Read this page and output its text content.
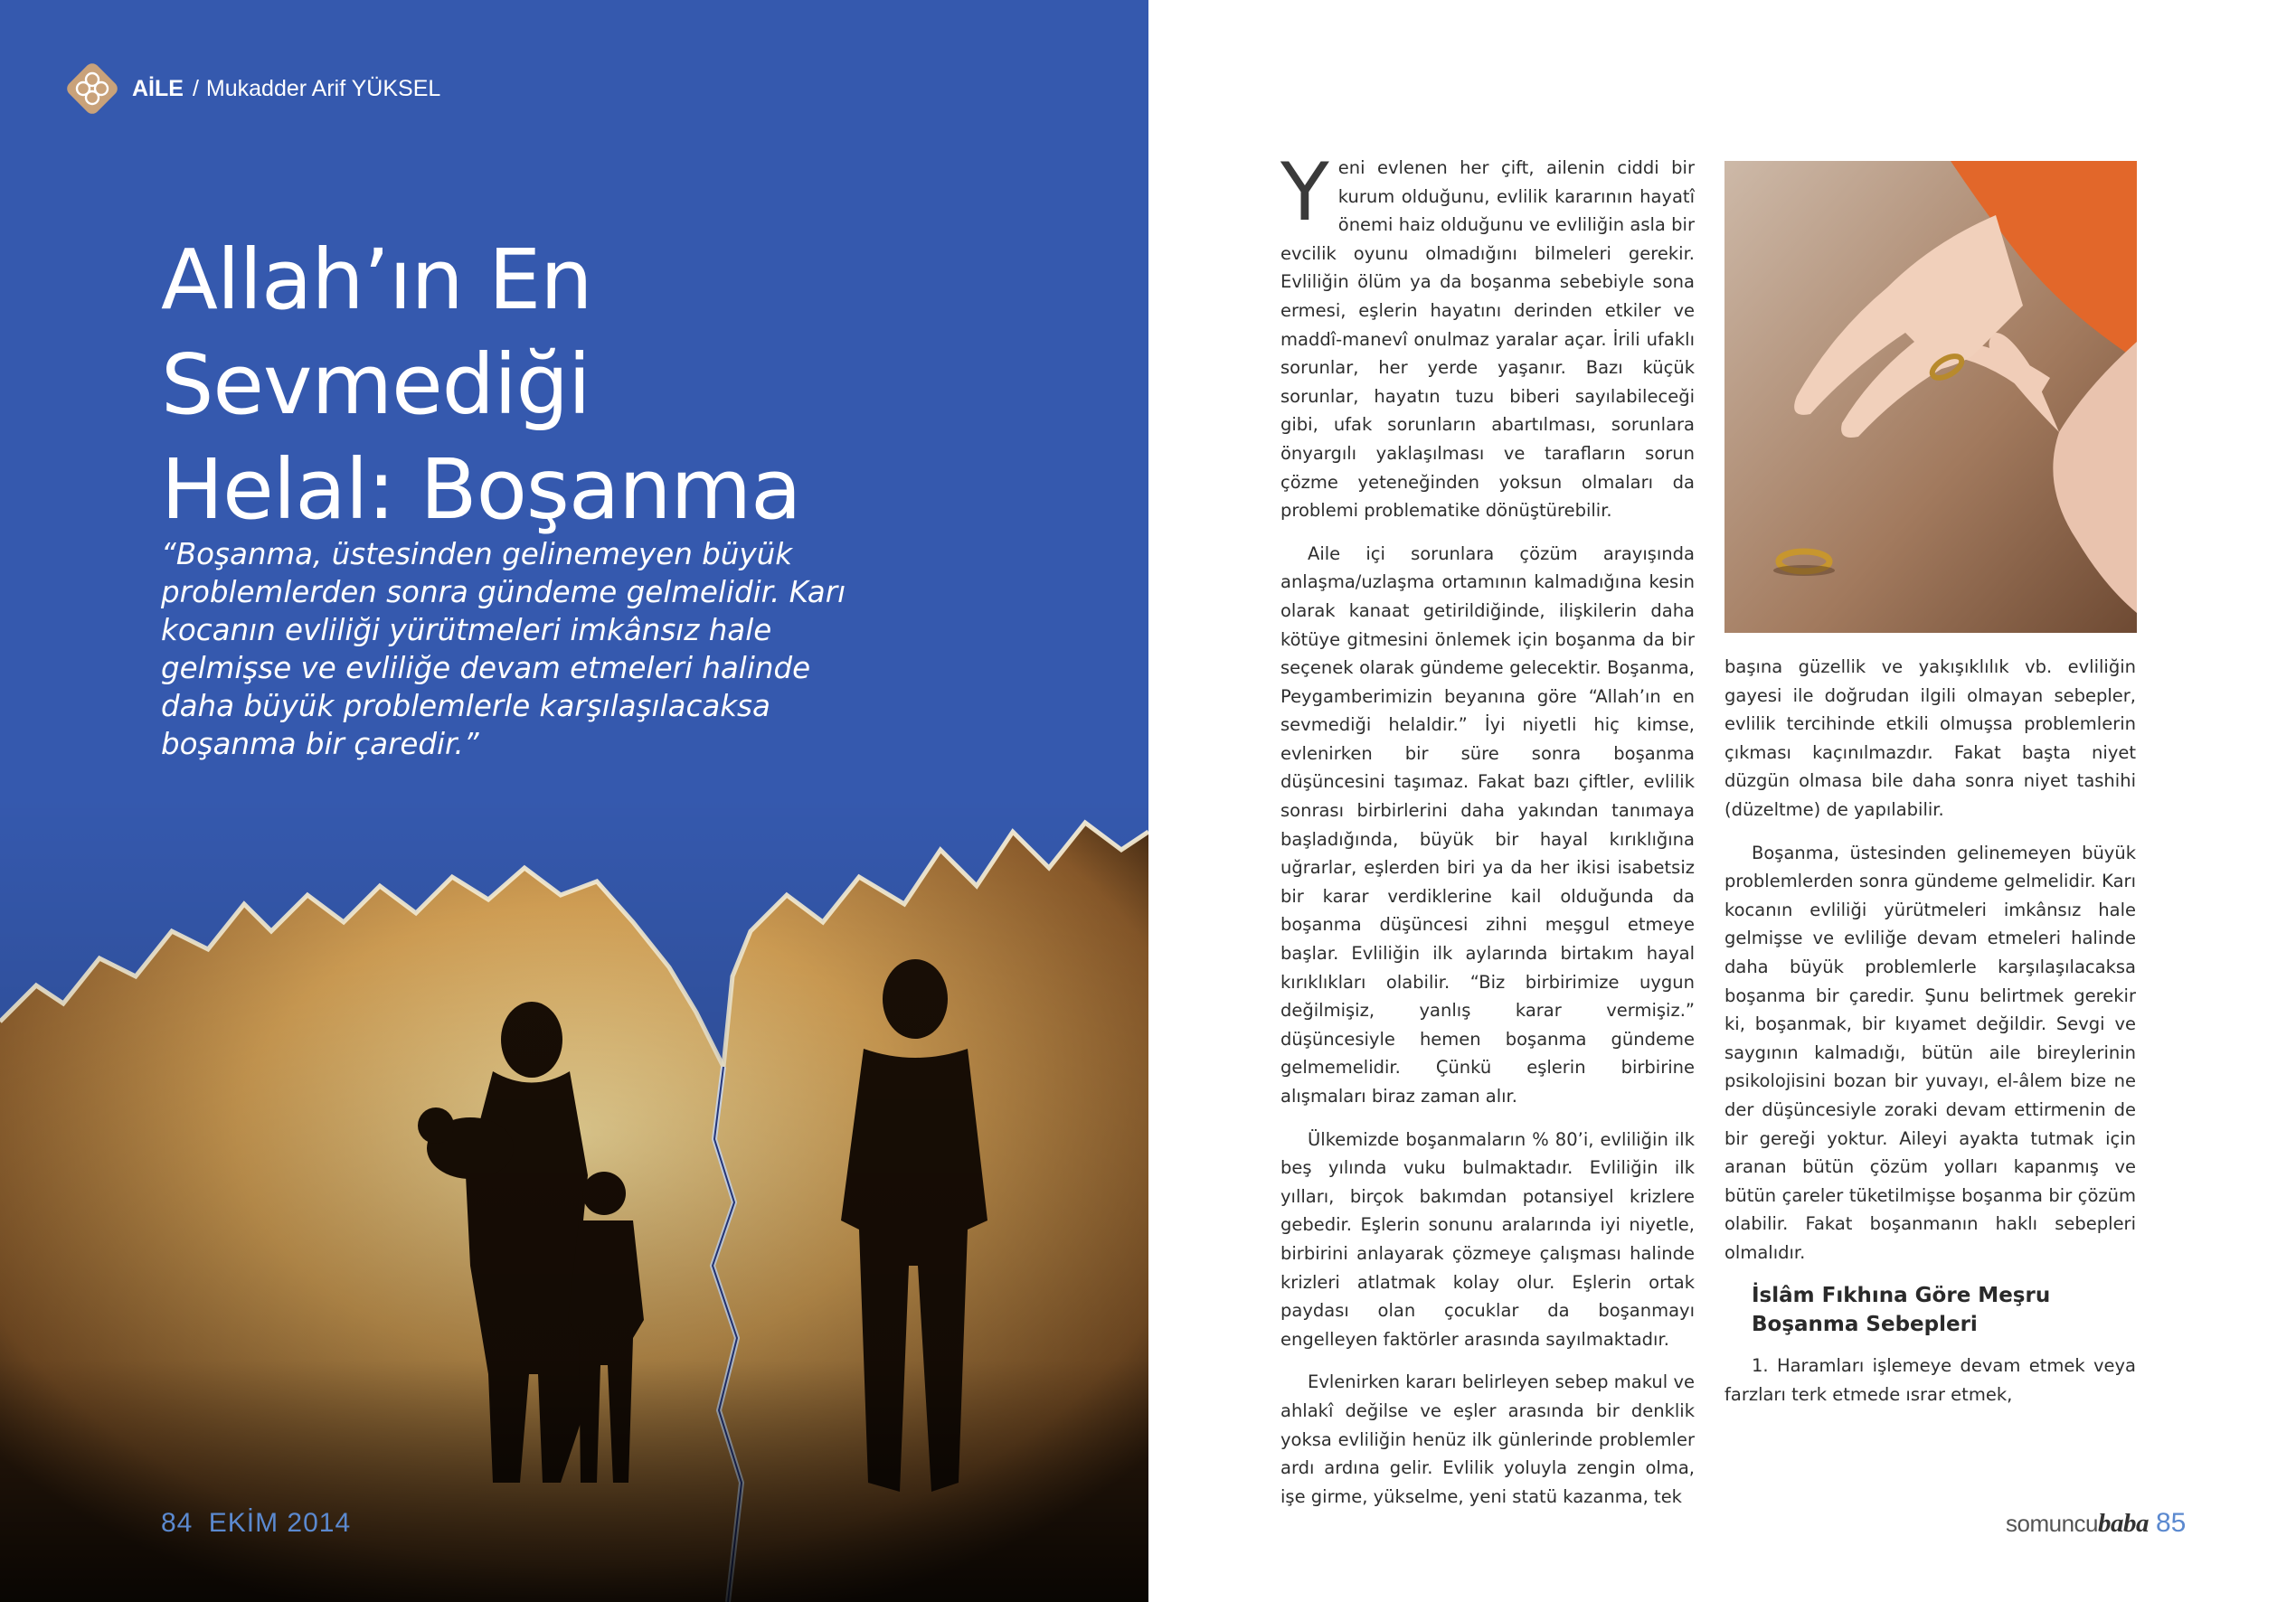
AİLE / Mukadder Arif YÜKSEL
Allah’ın En Sevmediği
Helal: Boşanma

“Boşanma, üstesinden gelinemeyen büyük problemlerden sonra gündeme gelmelidir. Karı kocanın evliliği yürütmeleri imkânsız hale gelmişse ve evliliğe devam etmeleri halinde daha büyük problemlerle karşılaşılacaksa boşanma bir çaredir.”

84 EKİM 2014

Y eni evlenen her çift, ailenin ciddi bir kurum olduğunu, evlilik kararının hayatî önemi haiz olduğunu ve evliliğin asla bir evcilik oyunu olmadığını bilmeleri gerekir. Evliliğin ölüm ya da boşanma sebebiyle sona ermesi, eşlerin hayatını derinden etkiler ve maddî-manevî onulmaz yaralar açar. İrili ufaklı sorunlar, her yerde yaşanır. Bazı küçük sorunlar, hayatın tuzu biberi sayılabileceği gibi, ufak sorunların abartılması, sorunlara önyargılı yaklaşılması ve tarafların sorun çözme yeteneğinden yoksun olmaları da problemi problematike dönüştürebilir.

Aile içi sorunlara çözüm arayışında anlaşma/uzlaşma ortamının kalmadığına kesin olarak kanaat getirildiğinde, ilişkilerin daha kötüye gitmesini önlemek için boşanma da bir seçenek olarak gündeme gelecektir. Boşanma, Peygamberimizin beyanına göre “Allah’ın en sevmediği helaldir.” İyi niyetli hiç kimse, evlenirken bir süre sonra boşanma düşüncesini taşımaz. Fakat bazı çiftler, evlilik sonrası birbirlerini daha yakından tanımaya başladığında, büyük bir hayal kırıklığına uğrarlar, eşlerden biri ya da her ikisi isabetsiz bir karar verdiklerine kail olduğunda da boşanma düşüncesi zihni meşgul etmeye başlar. Evliliğin ilk aylarında birtakım hayal kırıklıkları olabilir. “Biz birbirimize uygun değilmişiz, yanlış karar vermişiz.” düşüncesiyle hemen boşanma gündeme gelmemelidir. Çünkü eşlerin birbirine alışmaları biraz zaman alır.

Ülkemizde boşanmaların % 80’i, evliliğin ilk beş yılında vuku bulmaktadır. Evliliğin ilk yılları, birçok bakımdan potansiyel krizlere gebedir. Eşlerin sonunu aralarında iyi niyetle, birbirini anlayarak çözmeye çalışması halinde krizleri atlatmak kolay olur. Eşlerin ortak paydası olan çocuklar da boşanmayı engelleyen faktörler arasında sayılmaktadır.

Evlenirken kararı belirleyen sebep makul ve ahlakî değilse ve eşler arasında bir denklik yoksa evliliğin henüz ilk günlerinde problemler ardı ardına gelir. Evlilik yoluyla zengin olma, işe girme, yükselme, yeni statü kazanma, tek

başına güzellik ve yakışıklılık vb. evliliğin gayesi ile doğrudan ilgili olmayan sebepler, evlilik tercihinde etkili olmuşsa problemlerin çıkması kaçınılmazdır. Fakat başta niyet düzgün olmasa bile daha sonra niyet tashihi (düzeltme) de yapılabilir.

Boşanma, üstesinden gelinemeyen büyük problemlerden sonra gündeme gelmelidir. Karı kocanın evliliği yürütmeleri imkânsız hale gelmişse ve evliliğe devam etmeleri halinde daha büyük problemlerle karşılaşılacaksa boşanma bir çaredir. Şunu belirtmek gerekir ki, boşanmak, bir kıyamet değildir. Sevgi ve saygının kalmadığı, bütün aile bireylerinin psikolojisini bozan bir yuvayı, el-âlem bize ne der düşüncesiyle zoraki devam ettirmenin de bir gereği yoktur. Aileyi ayakta tutmak için aranan bütün çözüm yolları kapanmış ve bütün çareler tüketilmişse boşanma bir çözüm olabilir. Fakat boşanmanın haklı sebepleri olmalıdır.

İslâm Fıkhına Göre Meşru
Boşanma Sebepleri

1. Haramları işlemeye devam etmek veya farzları terk etmede ısrar etmek,

somuncubaba 85
